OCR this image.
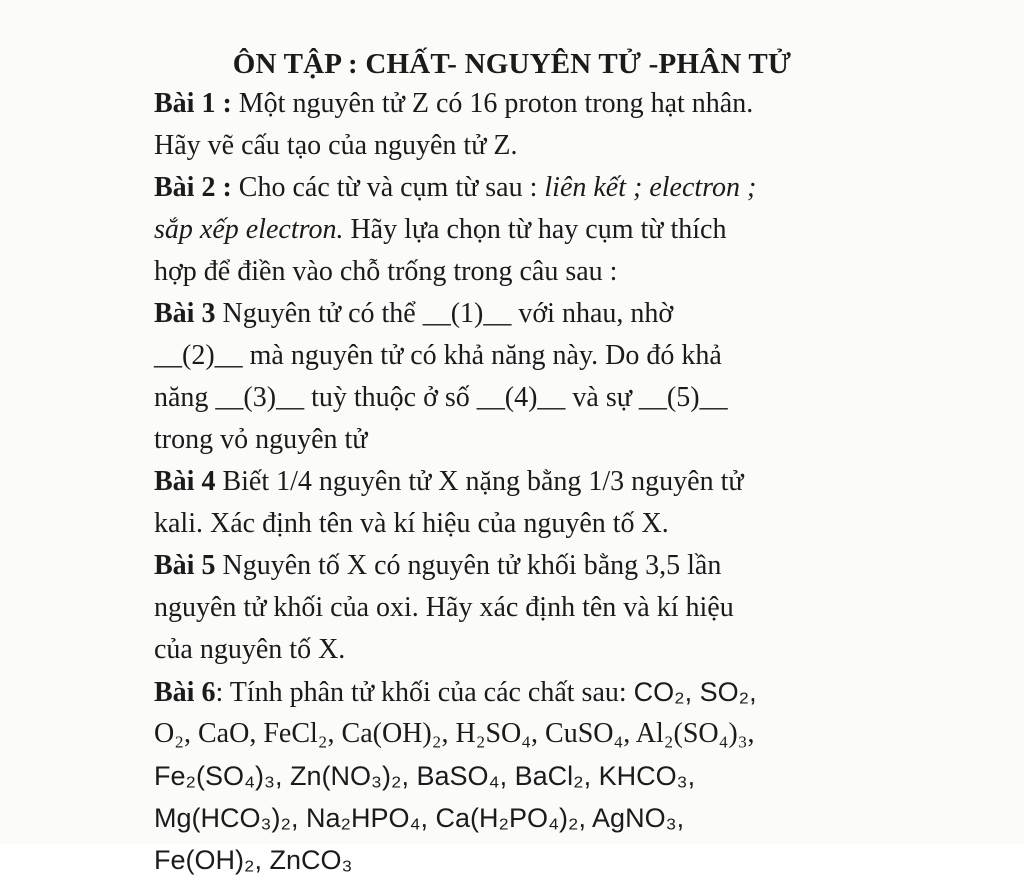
ÔN TẬP : CHẤT- NGUYÊN TỬ -PHÂN TỬ
Bài 1 : Một nguyên tử Z có 16 proton trong hạt nhân.
Hãy vẽ cấu tạo của nguyên tử Z.
Bài 2 : Cho các từ và cụm từ sau : liên kết ; electron ;
sắp xếp electron. Hãy lựa chọn từ hay cụm từ thích
hợp để điền vào chỗ trống trong câu sau :
Bài 3 Nguyên tử có thể __(1)__ với nhau, nhờ
__(2)__ mà nguyên tử có khả năng này. Do đó khả
năng __(3)__ tuỳ thuộc ở số __(4)__ và sự __(5)__
trong vỏ nguyên tử
Bài 4 Biết 1/4 nguyên tử X nặng bằng 1/3 nguyên tử
kali. Xác định tên và kí hiệu của nguyên tố X.
Bài 5 Nguyên tố X có nguyên tử khối bằng 3,5 lần
nguyên tử khối của oxi. Hãy xác định tên và kí hiệu
của nguyên tố X.
Bài 6: Tính phân tử khối của các chất sau: CO₂, SO₂,
O₂, CaO, FeCl₂, Ca(OH)₂, H₂SO₄, CuSO₄, Al₂(SO₄)₃,
Fe₂(SO₄)₃, Zn(NO₃)₂, BaSO₄, BaCl₂, KHCO₃,
Mg(HCO₃)₂, Na₂HPO₄, Ca(H₂PO₄)₂, AgNO₃,
Fe(OH)₂, ZnCO₃
